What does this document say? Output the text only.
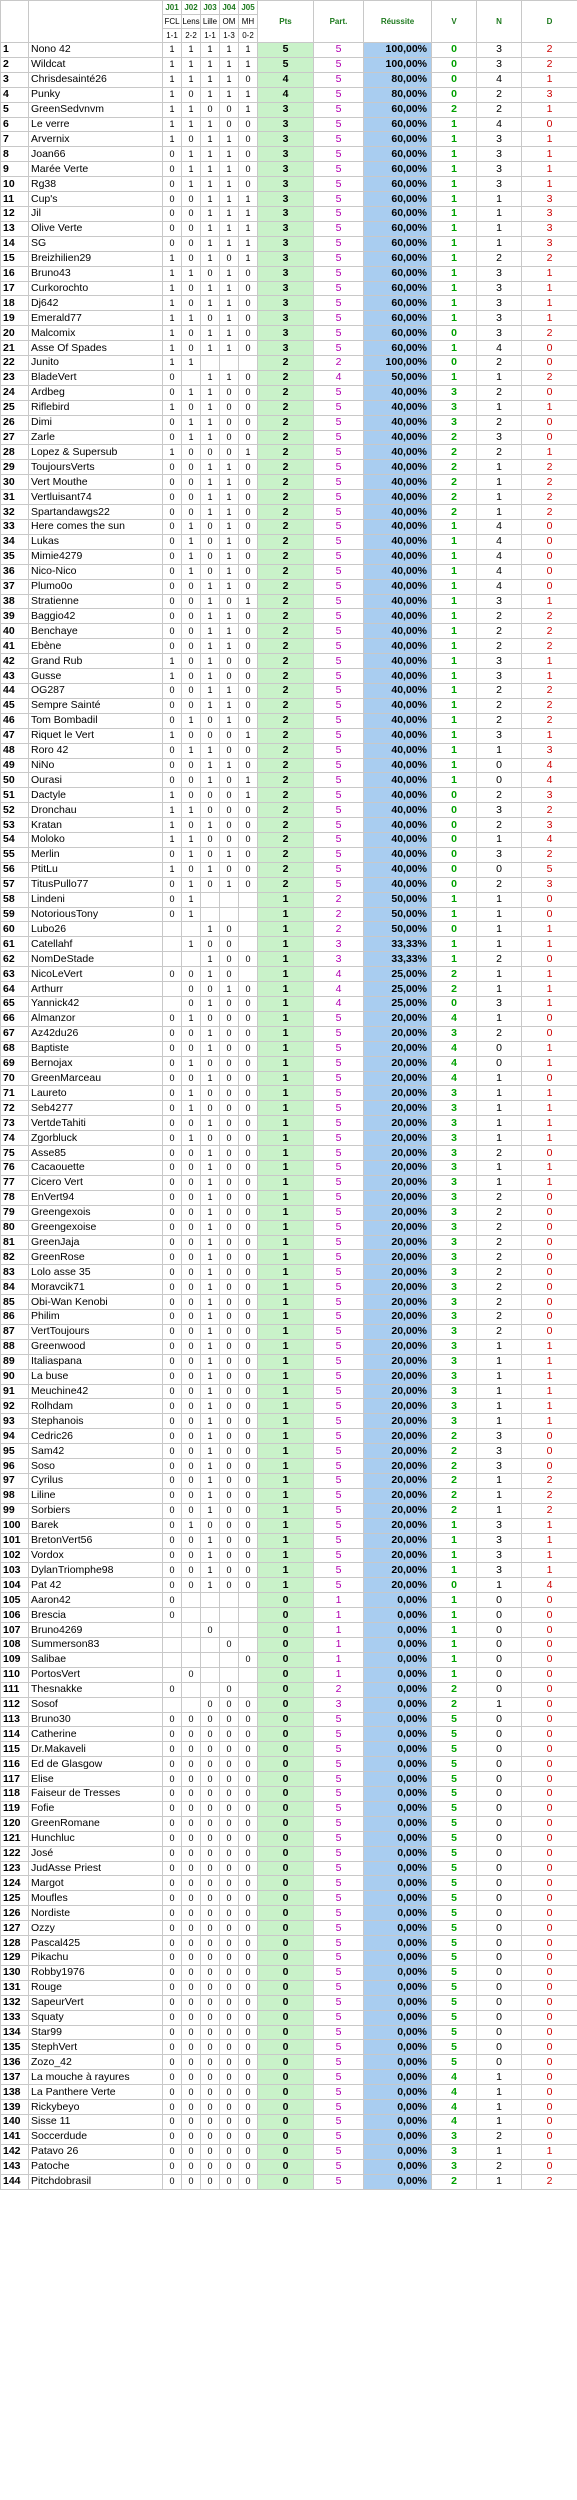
		J01	J02	J03	J04	J05	Pts	Part.	Réussite	V	N	D
		FCL	Lens	Lille	OM	MH						
		1-1	2-2	1-1	1-3	0-2						
1	Nono 42	1	1	1	1	1	5	5	100,00%	0	3	2
2	Wildcat	1	1	1	1	1	5	5	100,00%	0	3	2
3	Chrisdesainté26	1	1	1	1	0	4	5	80,00%	0	4	1
4	Punky	1	0	1	1	1	4	5	80,00%	0	2	3
5	GreenSedvnvm	1	1	0	0	1	3	5	60,00%	2	2	1
6	Le verre	1	1	1	0	0	3	5	60,00%	1	4	0
7	Arvernix	1	0	1	1	0	3	5	60,00%	1	3	1
8	Joan66	0	1	1	1	0	3	5	60,00%	1	3	1
9	Marée Verte	0	1	1	1	0	3	5	60,00%	1	3	1
10	Rg38	0	1	1	1	0	3	5	60,00%	1	3	1
11	Cup's	0	0	1	1	1	3	5	60,00%	1	1	3
12	Jil	0	0	1	1	1	3	5	60,00%	1	1	3
13	Olive Verte	0	0	1	1	1	3	5	60,00%	1	1	3
14	SG	0	0	1	1	1	3	5	60,00%	1	1	3
15	Breizhilien29	1	0	1	0	1	3	5	60,00%	1	2	2
16	Bruno43	1	1	0	1	0	3	5	60,00%	1	3	1
17	Curkorochto	1	0	1	1	0	3	5	60,00%	1	3	1
18	Dj642	1	0	1	1	0	3	5	60,00%	1	3	1
19	Emerald77	1	1	0	1	0	3	5	60,00%	1	3	1
20	Malcomix	1	0	1	1	0	3	5	60,00%	0	3	2
21	Asse Of Spades	1	0	1	1	0	3	5	60,00%	1	4	0
22	Junito	1	1				2	2	100,00%	0	2	0
23	BladeVert	0		1	1	0	2	4	50,00%	1	1	2
24	Ardbeg	0	1	1	0	0	2	5	40,00%	3	2	0
25	Riflebird	1	0	1	0	0	2	5	40,00%	3	1	1
26	Dimi	0	1	1	0	0	2	5	40,00%	3	2	0
27	Zarle	0	1	1	0	0	2	5	40,00%	2	3	0
28	Lopez & Supersub	1	0	0	0	1	2	5	40,00%	2	2	1
29	ToujoursVerts	0	0	1	1	0	2	5	40,00%	2	1	2
30	Vert Mouthe	0	0	1	1	0	2	5	40,00%	2	1	2
31	Vertluisant74	0	0	1	1	0	2	5	40,00%	2	1	2
32	Spartandawgs22	0	0	1	1	0	2	5	40,00%	2	1	2
33	Here comes the sun	0	1	0	1	0	2	5	40,00%	1	4	0
34	Lukas	0	1	0	1	0	2	5	40,00%	1	4	0
35	Mimie4279	0	1	0	1	0	2	5	40,00%	1	4	0
36	Nico-Nico	0	1	0	1	0	2	5	40,00%	1	4	0
37	Plumo0o	0	0	1	1	0	2	5	40,00%	1	4	0
38	Stratienne	0	0	1	0	1	2	5	40,00%	1	3	1
39	Baggio42	0	0	1	1	0	2	5	40,00%	1	2	2
40	Benchaye	0	0	1	1	0	2	5	40,00%	1	2	2
41	Ebène	0	0	1	1	0	2	5	40,00%	1	2	2
42	Grand Rub	1	0	1	0	0	2	5	40,00%	1	3	1
43	Gusse	1	0	1	0	0	2	5	40,00%	1	3	1
44	OG287	0	0	1	1	0	2	5	40,00%	1	2	2
45	Sempre Sainté	0	0	1	1	0	2	5	40,00%	1	2	2
46	Tom Bombadil	0	1	0	1	0	2	5	40,00%	1	2	2
47	Riquet le Vert	1	0	0	0	1	2	5	40,00%	1	3	1
48	Roro 42	0	1	1	0	0	2	5	40,00%	1	1	3
49	NiNo	0	0	1	1	0	2	5	40,00%	1	0	4
50	Ourasi	0	0	1	0	1	2	5	40,00%	1	0	4
51	Dactyle	1	0	0	0	1	2	5	40,00%	0	2	3
52	Dronchau	1	1	0	0	0	2	5	40,00%	0	3	2
53	Kratan	1	0	1	0	0	2	5	40,00%	0	2	3
54	Moloko	1	1	0	0	0	2	5	40,00%	0	1	4
55	Merlin	0	1	0	1	0	2	5	40,00%	0	3	2
56	PtitLu	1	0	1	0	0	2	5	40,00%	0	0	5
57	TitusPullo77	0	1	0	1	0	2	5	40,00%	0	2	3
58	Lindeni	0	1				1	2	50,00%	1	1	0
59	NotoriousTony	0	1				1	2	50,00%	1	1	0
60	Lubo26			1	0		1	2	50,00%	0	1	1
61	Catellahf		1	0	0		1	3	33,33%	1	1	1
62	NomDeStade			1	0	0	1	3	33,33%	1	2	0
63	NicoLeVert	0	0	1	0		1	4	25,00%	2	1	1
64	Arthurr		0	0	1	0	1	4	25,00%	2	1	1
65	Yannick42		0	1	0	0	1	4	25,00%	0	3	1
66	Almanzor	0	1	0	0	0	1	5	20,00%	4	1	0
67	Az42du26	0	0	1	0	0	1	5	20,00%	3	2	0
68	Baptiste	0	0	1	0	0	1	5	20,00%	4	0	1
69	Bernojax	0	1	0	0	0	1	5	20,00%	4	0	1
70	GreenMarceau	0	0	1	0	0	1	5	20,00%	4	1	0
71	Laureto	0	1	0	0	0	1	5	20,00%	3	1	1
72	Seb4277	0	1	0	0	0	1	5	20,00%	3	1	1
73	VertdeTahiti	0	0	1	0	0	1	5	20,00%	3	1	1
74	Zgorbluck	0	1	0	0	0	1	5	20,00%	3	1	1
75	Asse85	0	0	1	0	0	1	5	20,00%	3	2	0
76	Cacaouette	0	0	1	0	0	1	5	20,00%	3	1	1
77	Cicero Vert	0	0	1	0	0	1	5	20,00%	3	1	1
78	EnVert94	0	0	1	0	0	1	5	20,00%	3	2	0
79	Greengexois	0	0	1	0	0	1	5	20,00%	3	2	0
80	Greengexoise	0	0	1	0	0	1	5	20,00%	3	2	0
81	GreenJaja	0	0	1	0	0	1	5	20,00%	3	2	0
82	GreenRose	0	0	1	0	0	1	5	20,00%	3	2	0
83	Lolo asse 35	0	0	1	0	0	1	5	20,00%	3	2	0
84	Moravcik71	0	0	1	0	0	1	5	20,00%	3	2	0
85	Obi-Wan Kenobi	0	0	1	0	0	1	5	20,00%	3	2	0
86	Philim	0	0	1	0	0	1	5	20,00%	3	2	0
87	VertToujours	0	0	1	0	0	1	5	20,00%	3	2	0
88	Greenwood	0	0	1	0	0	1	5	20,00%	3	1	1
89	Italiaspana	0	0	1	0	0	1	5	20,00%	3	1	1
90	La buse	0	0	1	0	0	1	5	20,00%	3	1	1
91	Meuchine42	0	0	1	0	0	1	5	20,00%	3	1	1
92	Rolhdam	0	0	1	0	0	1	5	20,00%	3	1	1
93	Stephanois	0	0	1	0	0	1	5	20,00%	3	1	1
94	Cedric26	0	0	1	0	0	1	5	20,00%	2	3	0
95	Sam42	0	0	1	0	0	1	5	20,00%	2	3	0
96	Soso	0	0	1	0	0	1	5	20,00%	2	3	0
97	Cyrilus	0	0	1	0	0	1	5	20,00%	2	1	2
98	Liline	0	0	1	0	0	1	5	20,00%	2	1	2
99	Sorbiers	0	0	1	0	0	1	5	20,00%	2	1	2
100	Barek	0	1	0	0	0	1	5	20,00%	1	3	1
101	BretonVert56	0	0	1	0	0	1	5	20,00%	1	3	1
102	Vordox	0	0	1	0	0	1	5	20,00%	1	3	1
103	DylanTriomphe98	0	0	1	0	0	1	5	20,00%	1	3	1
104	Pat 42	0	0	1	0	0	1	5	20,00%	0	1	4
105	Aaron42	0					0	1	0,00%	1	0	0
106	Brescia	0					0	1	0,00%	1	0	0
107	Bruno4269			0			0	1	0,00%	1	0	0
108	Summerson83				0		0	1	0,00%	1	0	0
109	Salibae					0	0	1	0,00%	1	0	0
110	PortosVert		0				0	1	0,00%	1	0	0
111	Thesnakke	0			0		0	2	0,00%	2	0	0
112	Sosof			0	0	0	0	3	0,00%	2	1	0
113	Bruno30	0	0	0	0	0	0	5	0,00%	5	0	0
114	Catherine	0	0	0	0	0	0	5	0,00%	5	0	0
115	Dr.Makaveli	0	0	0	0	0	0	5	0,00%	5	0	0
116	Ed de Glasgow	0	0	0	0	0	0	5	0,00%	5	0	0
117	Elise	0	0	0	0	0	0	5	0,00%	5	0	0
118	Faiseur de Tresses	0	0	0	0	0	0	5	0,00%	5	0	0
119	Fofie	0	0	0	0	0	0	5	0,00%	5	0	0
120	GreenRomane	0	0	0	0	0	0	5	0,00%	5	0	0
121	Hunchluc	0	0	0	0	0	0	5	0,00%	5	0	0
122	José	0	0	0	0	0	0	5	0,00%	5	0	0
123	JudAsse Priest	0	0	0	0	0	0	5	0,00%	5	0	0
124	Margot	0	0	0	0	0	0	5	0,00%	5	0	0
125	Moufles	0	0	0	0	0	0	5	0,00%	5	0	0
126	Nordiste	0	0	0	0	0	0	5	0,00%	5	0	0
127	Ozzy	0	0	0	0	0	0	5	0,00%	5	0	0
128	Pascal425	0	0	0	0	0	0	5	0,00%	5	0	0
129	Pikachu	0	0	0	0	0	0	5	0,00%	5	0	0
130	Robby1976	0	0	0	0	0	0	5	0,00%	5	0	0
131	Rouge	0	0	0	0	0	0	5	0,00%	5	0	0
132	SapeurVert	0	0	0	0	0	0	5	0,00%	5	0	0
133	Squaty	0	0	0	0	0	0	5	0,00%	5	0	0
134	Star99	0	0	0	0	0	0	5	0,00%	5	0	0
135	StephVert	0	0	0	0	0	0	5	0,00%	5	0	0
136	Zozo_42	0	0	0	0	0	0	5	0,00%	5	0	0
137	La mouche à rayures	0	0	0	0	0	0	5	0,00%	4	1	0
138	La Panthere Verte	0	0	0	0	0	0	5	0,00%	4	1	0
139	Rickybeyo	0	0	0	0	0	0	5	0,00%	4	1	0
140	Sisse 11	0	0	0	0	0	0	5	0,00%	4	1	0
141	Soccerdude	0	0	0	0	0	0	5	0,00%	3	2	0
142	Patavo 26	0	0	0	0	0	0	5	0,00%	3	1	1
143	Patoche	0	0	0	0	0	0	5	0,00%	3	2	0
144	Pitchdobrasil	0	0	0	0	0	0	5	0,00%	2	1	2
